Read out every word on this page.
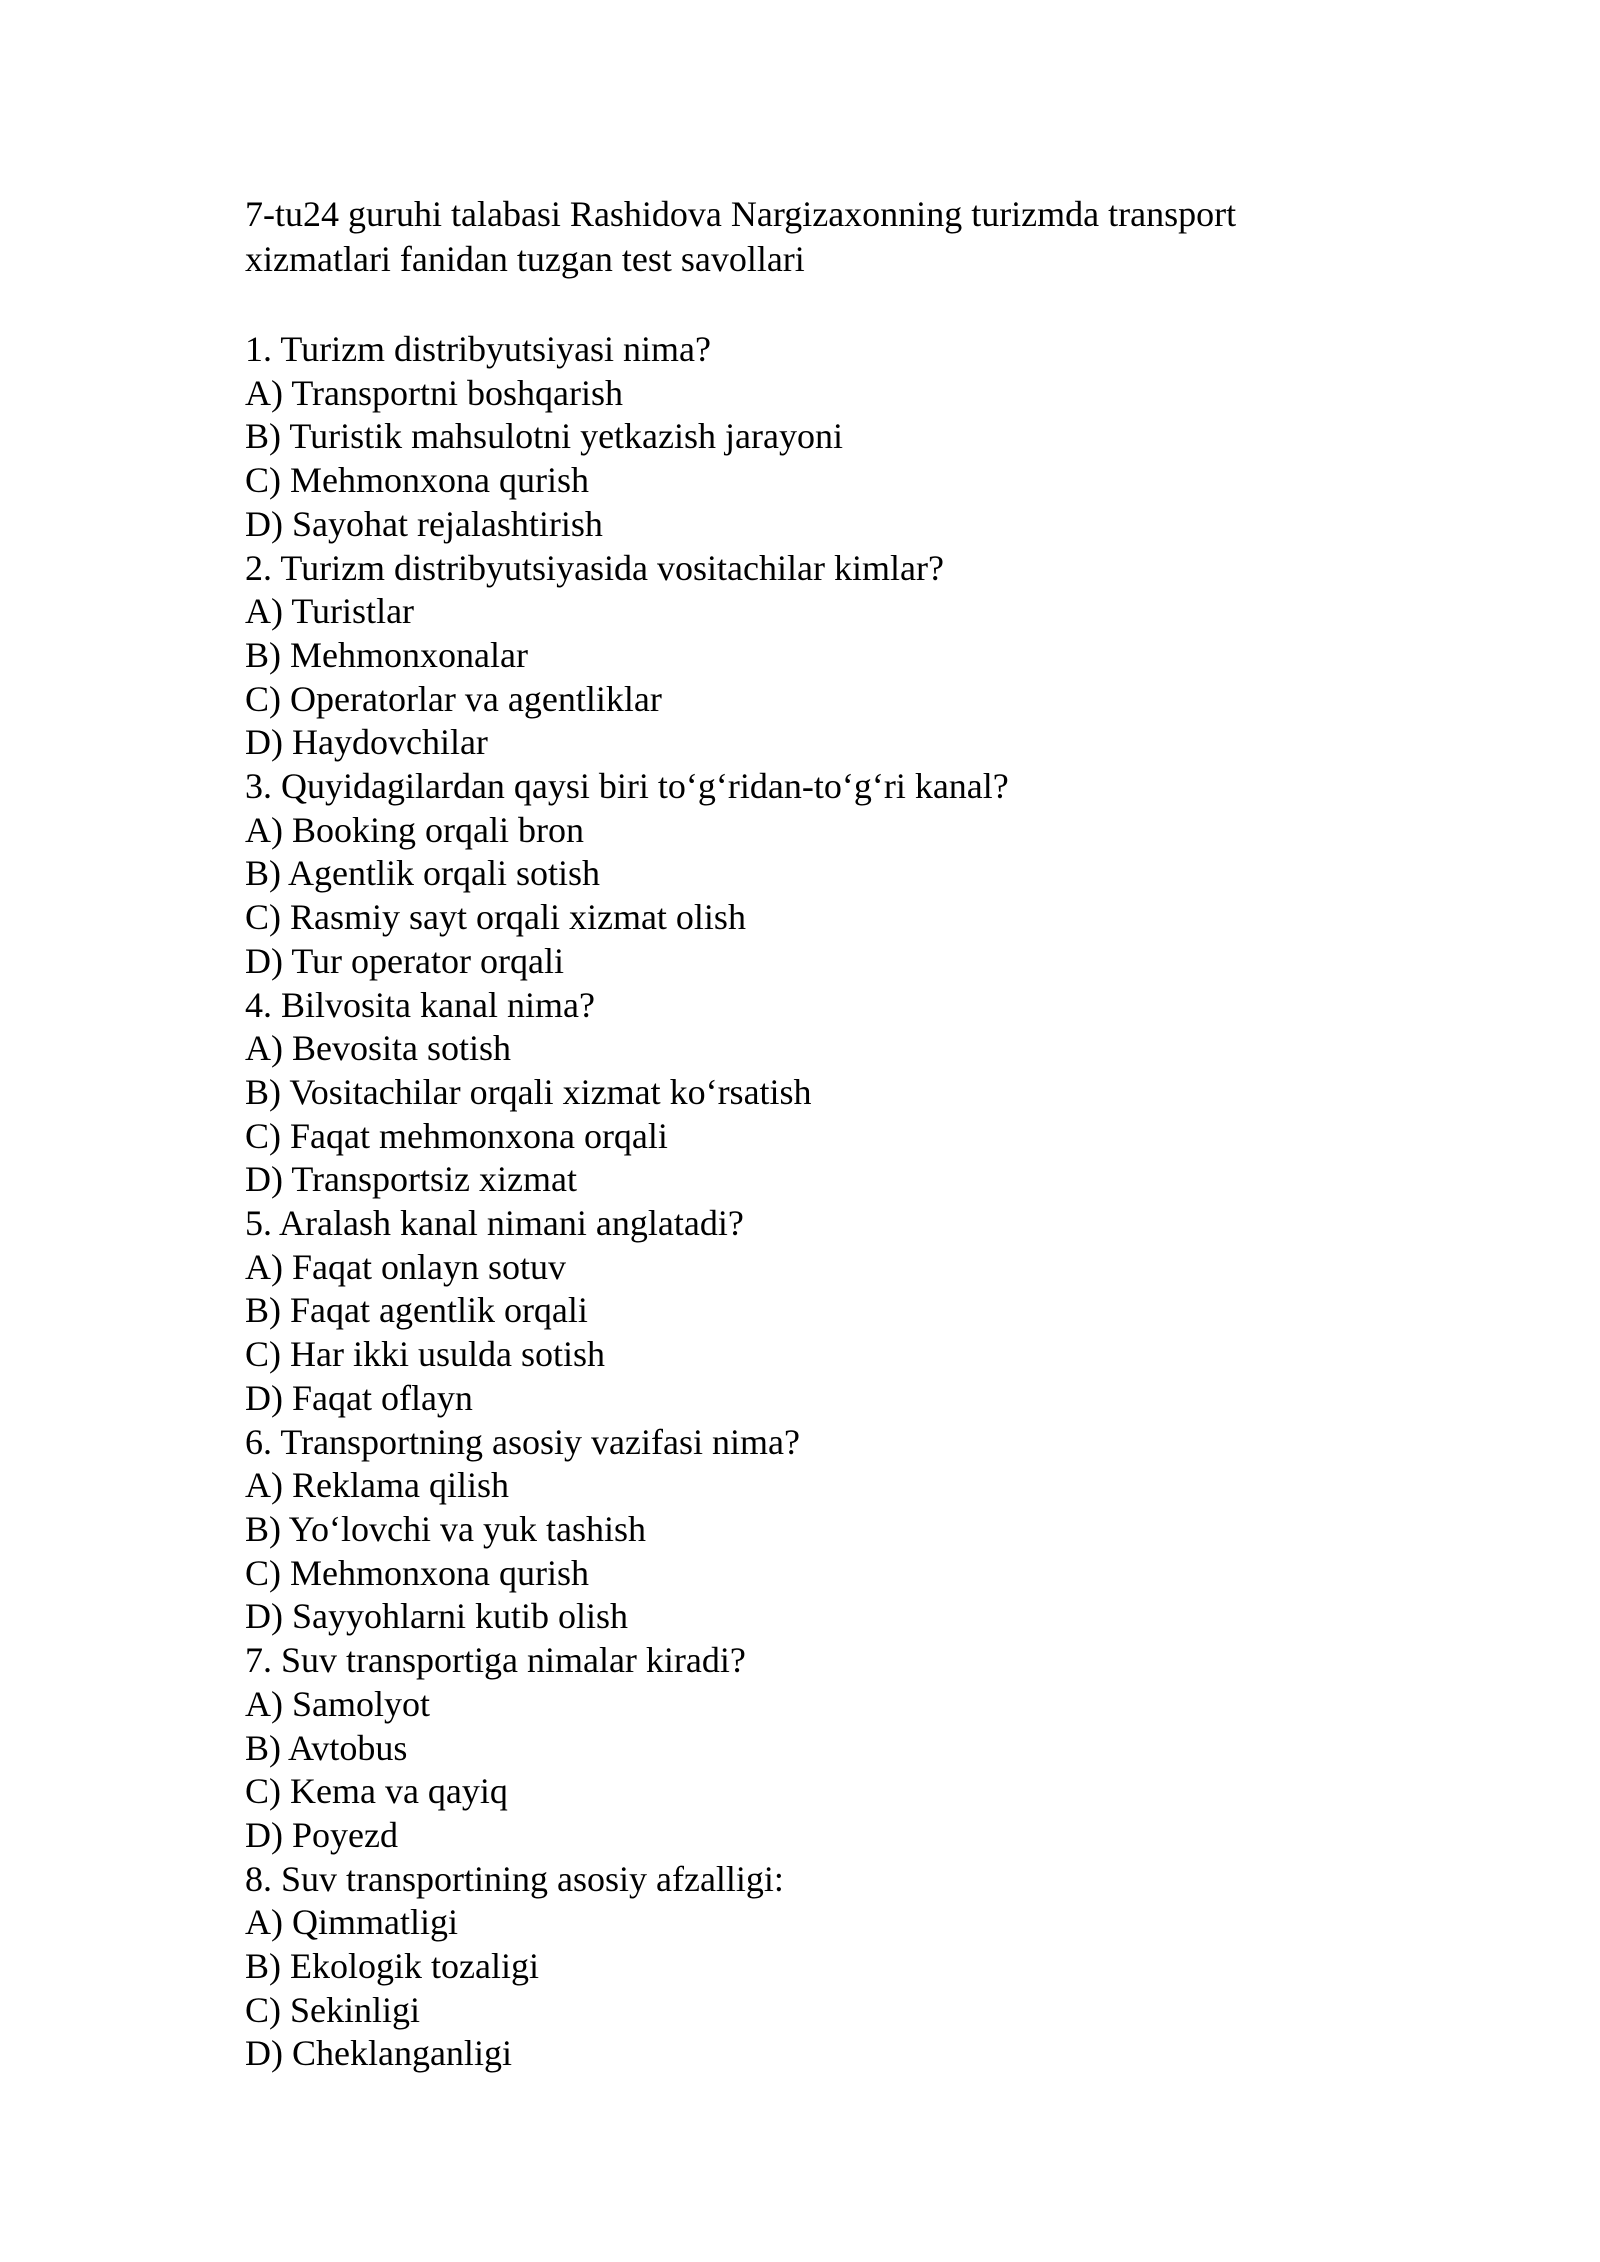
7-tu24 guruhi talabasi Rashidova Nargizaxonning turizmda transport
xizmatlari fanidan tuzgan test savollari
1. Turizm distribyutsiyasi nima?
A) Transportni boshqarish
B) Turistik mahsulotni yetkazish jarayoni
C) Mehmonxona qurish
D) Sayohat rejalashtirish
2. Turizm distribyutsiyasida vositachilar kimlar?
A) Turistlar
B) Mehmonxonalar
C) Operatorlar va agentliklar
D) Haydovchilar
3. Quyidagilardan qaysi biri to‘g‘ridan-to‘g‘ri kanal?
A) Booking orqali bron
B) Agentlik orqali sotish
C) Rasmiy sayt orqali xizmat olish
D) Tur operator orqali
4. Bilvosita kanal nima?
A) Bevosita sotish
B) Vositachilar orqali xizmat ko‘rsatish
C) Faqat mehmonxona orqali
D) Transportsiz xizmat
5. Aralash kanal nimani anglatadi?
A) Faqat onlayn sotuv
B) Faqat agentlik orqali
C) Har ikki usulda sotish
D) Faqat oflayn
6. Transportning asosiy vazifasi nima?
A) Reklama qilish
B) Yo‘lovchi va yuk tashish
C) Mehmonxona qurish
D) Sayyohlarni kutib olish
7. Suv transportiga nimalar kiradi?
A) Samolyot
B) Avtobus
C) Kema va qayiq
D) Poyezd
8. Suv transportining asosiy afzalligi:
A) Qimmatligi
B) Ekologik tozaligi
C) Sekinligi
D) Cheklanganligi
